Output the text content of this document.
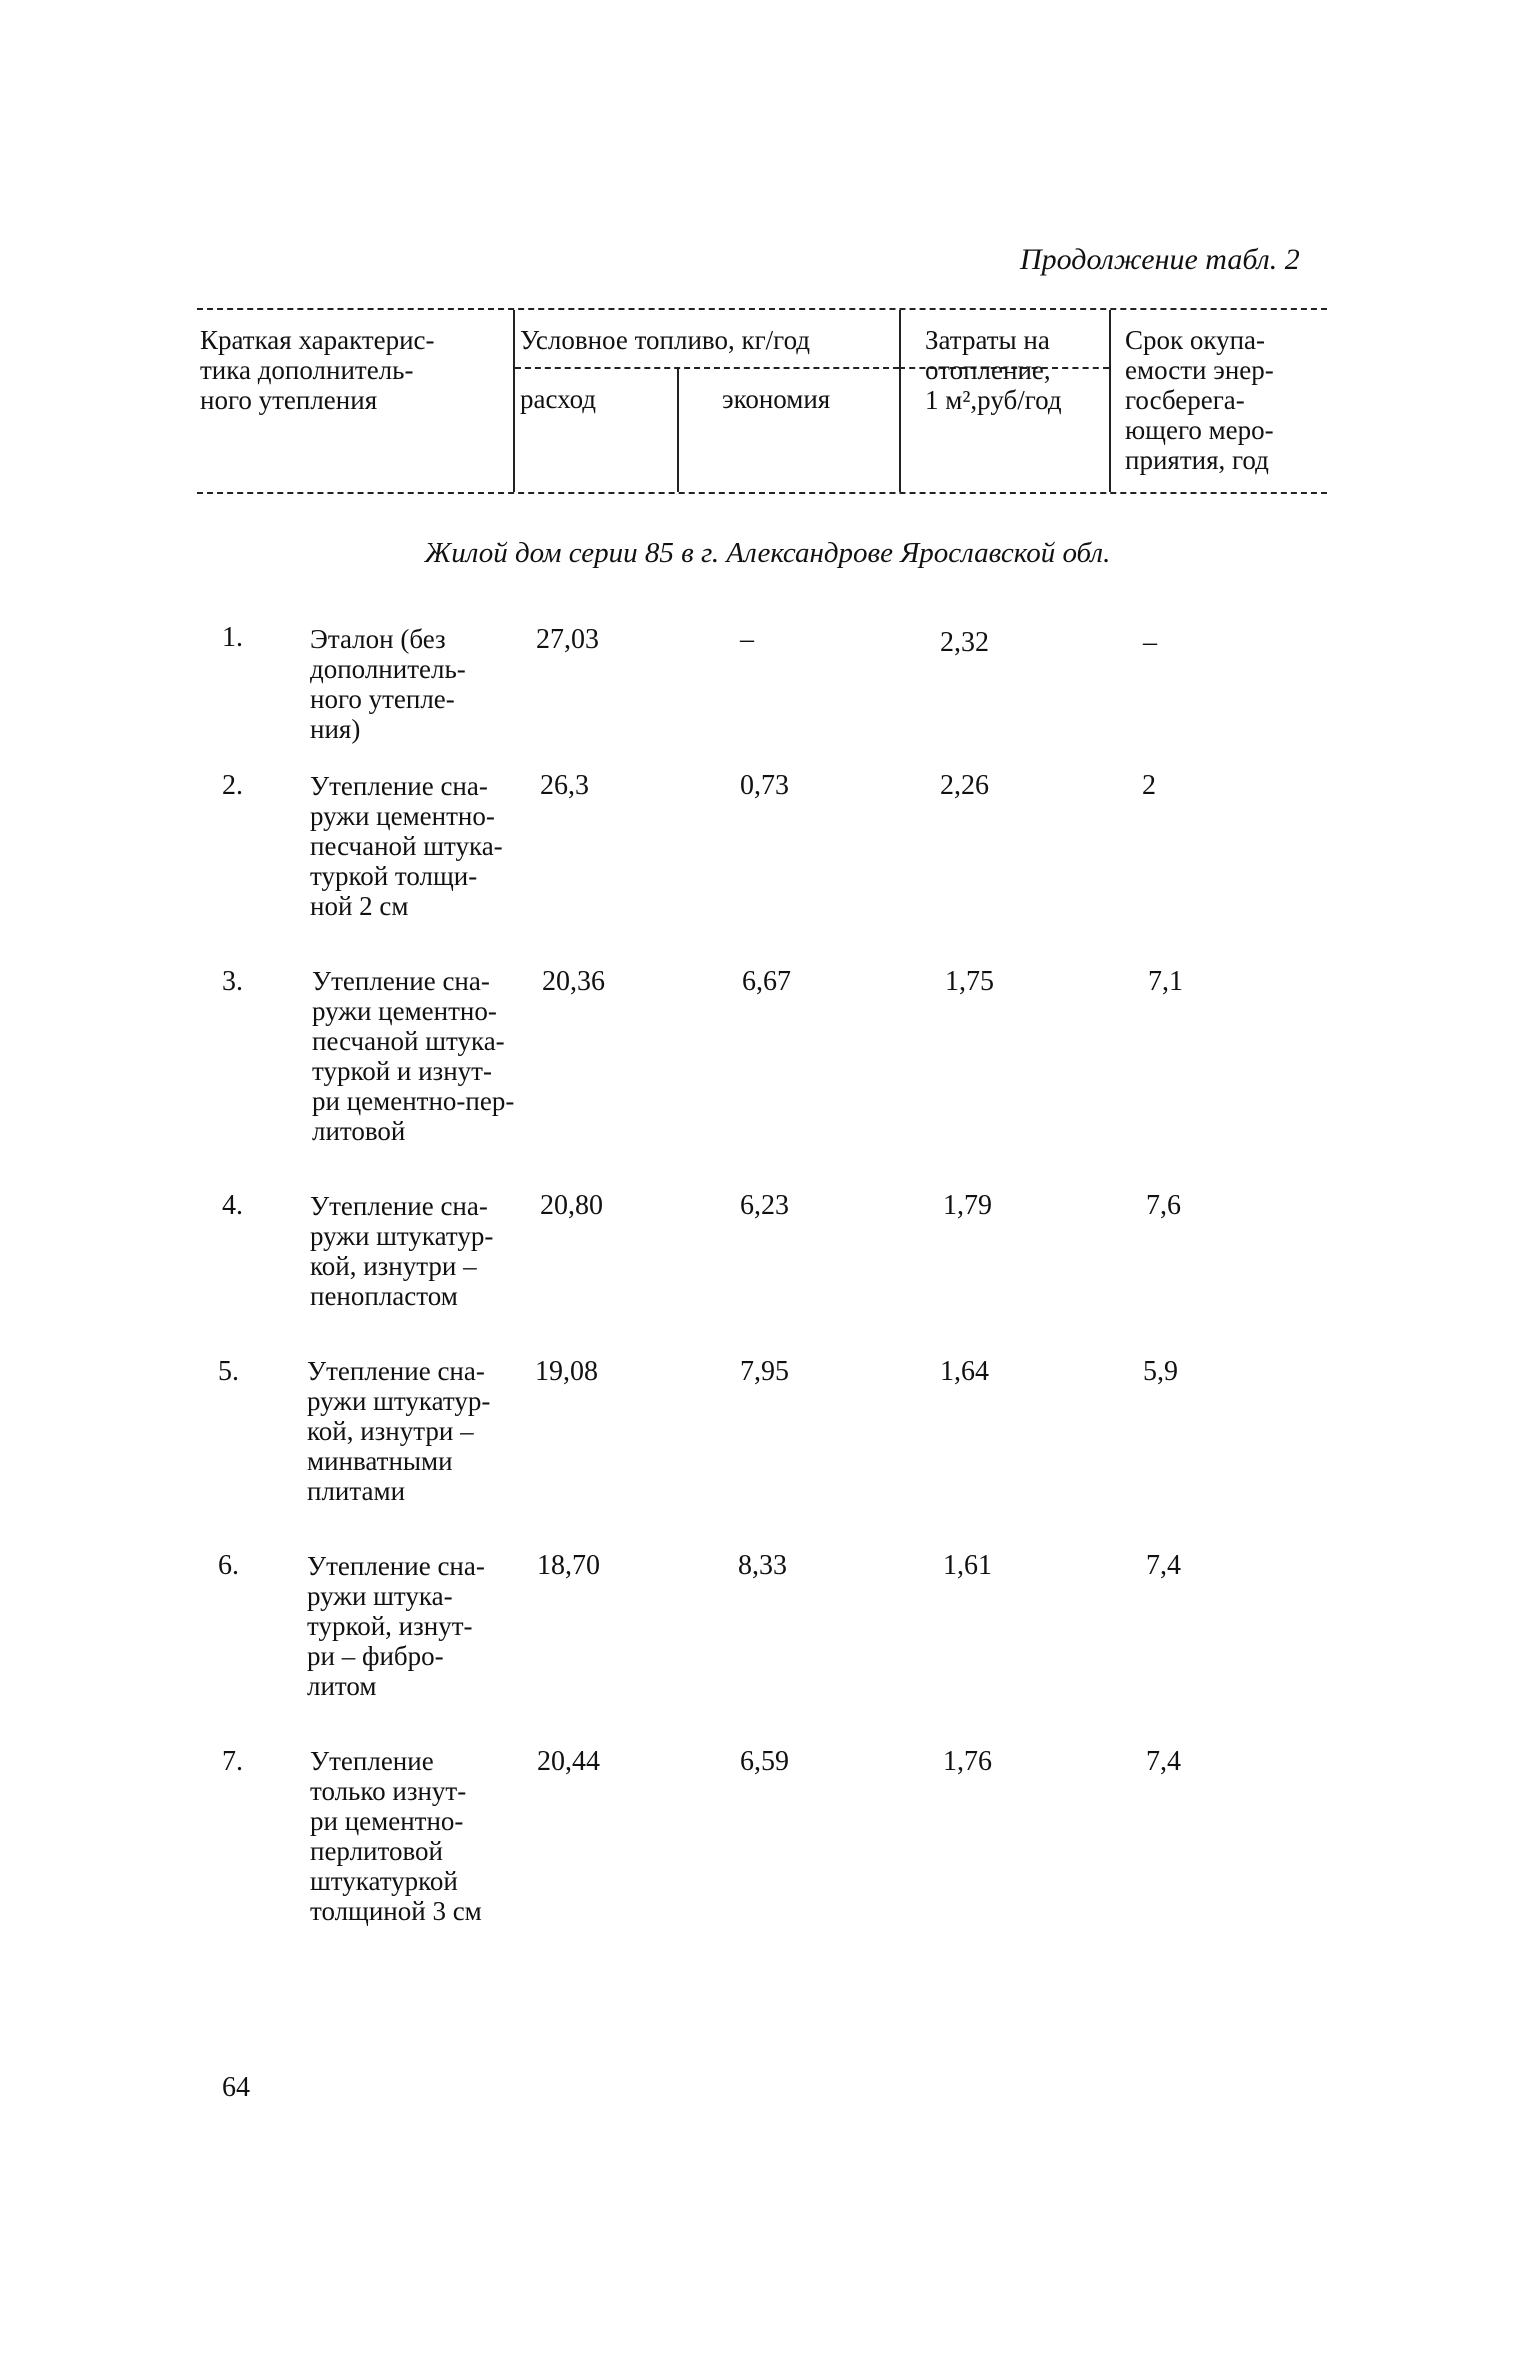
Продолжение табл. 2
Краткая характерис-
тика дополнитель-
ного утепления
Условное топливо, кг/год
расход	экономия
Затраты на
отопление,
1 м²,руб/год
Срок окупа-
емости энер-
госберега-
ющего меро-
приятия, год
Жилой дом серии 85 в г. Александрове Ярославской обл.
1. Эталон (без
дополнитель-
ного утепле-
ния)
27,03	–	2,32	–
2. Утепление сна-
ружи цементно-
песчаной штука-
туркой толщи-
ной 2 см
26,3	0,73	2,26	2
3.	Утепление сна-
ружи цементно-
песчаной штука-
туркой и изнут-
ри цементно-пер-
литовой
20,36	6,67	1,75	7,1
4. Утепление сна-
ружи штукатур-
кой, изнутри –
пенопластом
20,80	6,23	1,79	7,6
5.	Утепление сна-
ружи штукатур-
кой, изнутри –
минватными
плитами
19,08	7,95	1,64	5,9
6.	Утепление сна-
ружи штука-
туркой, изнут-
ри – фибро-
литом
18,70	8,33	1,61	7,4
7. Утепление
только изнут-
ри цементно-
перлитовой
штукатуркой
толщиной 3 см
20,44	6,59	1,76	7,4
64
